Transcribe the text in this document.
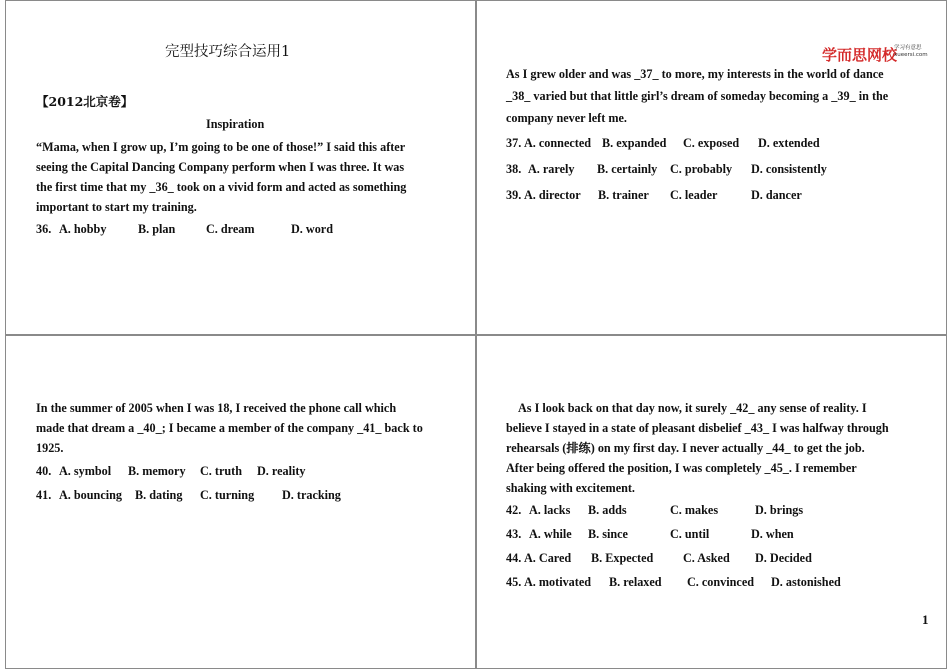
完型技巧综合运用1
【2012北京卷】
Inspiration
“Mama, when I grow up, I’m going to be one of those!” I said this after
seeing the Capital Dancing Company perform when I was three. It was
the first time that my _36_ took on a vivid form and acted as something
important to start my training.
36. A. hobby	B. plan	C. dream	D. word
学而思网校
学习有意思
xueersi.com
As I grew older and was _37_ to more, my interests in the world of dance
_38_ varied but that little girl’s dream of someday becoming a _39_ in the
company never left me.
37. A. connected B. expanded C. exposed D. extended
38. A. rarely B. certainly C. probably D. consistently
39. A. director B. trainer C. leader	D. dancer
In the summer of 2005 when I was 18, I received the phone call which
made that dream a _40_; I became a member of the company _41_ back to
1925.
40. A. symbol B. memory C. truth D. reality
41. A. bouncing B. dating C. turning D. tracking
As I look back on that day now, it surely _42_ any sense of reality. I
believe I stayed in a state of pleasant disbelief _43_ I was halfway through
rehearsals (排练) on my first day. I never actually _44_ to get the job.
After being offered the position, I was completely _45_. I remember
shaking with excitement.
42. A. lacks B. adds	C. makes	D. brings
43. A. while B. since	C. until	D. when
44. A. Cared B. Expected C. Asked D. Decided
45. A. motivated B. relaxed C. convinced D. astonished
1
